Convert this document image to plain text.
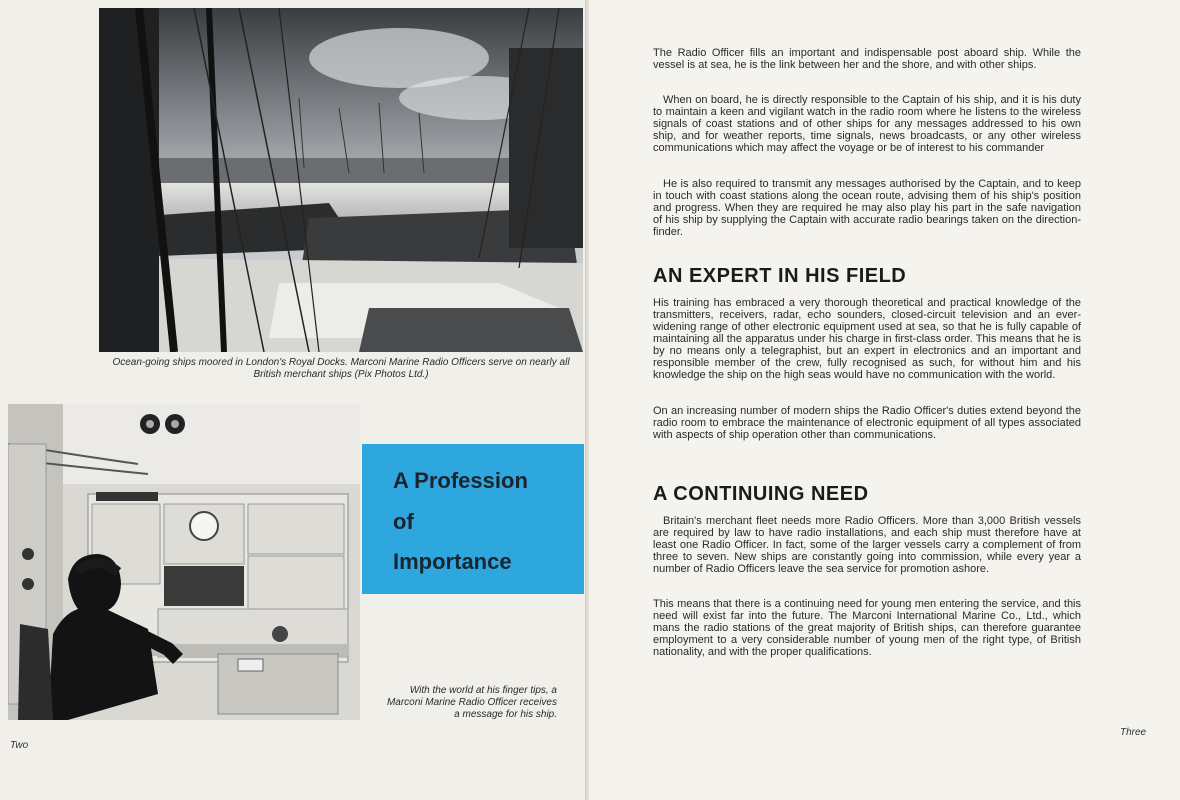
Ocean-going ships moored in London's Royal Docks. Marconi Marine Radio Officers serve on nearly all British merchant ships (Pix Photos Ltd.)
A Profession
of
Importance
With the world at his finger tips, a Marconi Marine Radio Officer receives a message for his ship.
Two

The Radio Officer fills an important and indispensable post aboard ship. While the vessel is at sea, he is the link between her and the shore, and with other ships.

When on board, he is directly responsible to the Captain of his ship, and it is his duty to maintain a keen and vigilant watch in the radio room where he listens to the wireless signals of coast stations and of other ships for any messages addressed to his own ship, and for weather reports, time signals, news broadcasts, or any other wireless communications which may affect the voyage or be of interest to his commander

He is also required to transmit any messages authorised by the Captain, and to keep in touch with coast stations along the ocean route, advising them of his ship's position and progress. When they are required he may also play his part in the safe navigation of his ship by supplying the Captain with accurate radio bearings taken on the direction-finder.

AN EXPERT IN HIS FIELD

His training has embraced a very thorough theoretical and practical knowledge of the transmitters, receivers, radar, echo sounders, closed-circuit television and an ever-widening range of other electronic equipment used at sea, so that he is fully capable of maintaining all the apparatus under his charge in first-class order. This means that he is by no means only a telegraphist, but an expert in electronics and an important and responsible member of the crew, fully recognised as such, for without him and his knowledge the ship on the high seas would have no communication with the world.

On an increasing number of modern ships the Radio Officer's duties extend beyond the radio room to embrace the maintenance of electronic equipment of all types associated with aspects of ship operation other than communications.

A CONTINUING NEED

Britain's merchant fleet needs more Radio Officers. More than 3,000 British vessels are required by law to have radio installations, and each ship must therefore have at least one Radio Officer. In fact, some of the larger vessels carry a complement of from three to seven. New ships are constantly going into commission, while every year a number of Radio Officers leave the sea service for promotion ashore.

This means that there is a continuing need for young men entering the service, and this need will exist far into the future. The Marconi International Marine Co., Ltd., which mans the radio stations of the great majority of British ships, can therefore guarantee employment to a very considerable number of young men of the right type, of British nationality, and with the proper qualifications.

Three
